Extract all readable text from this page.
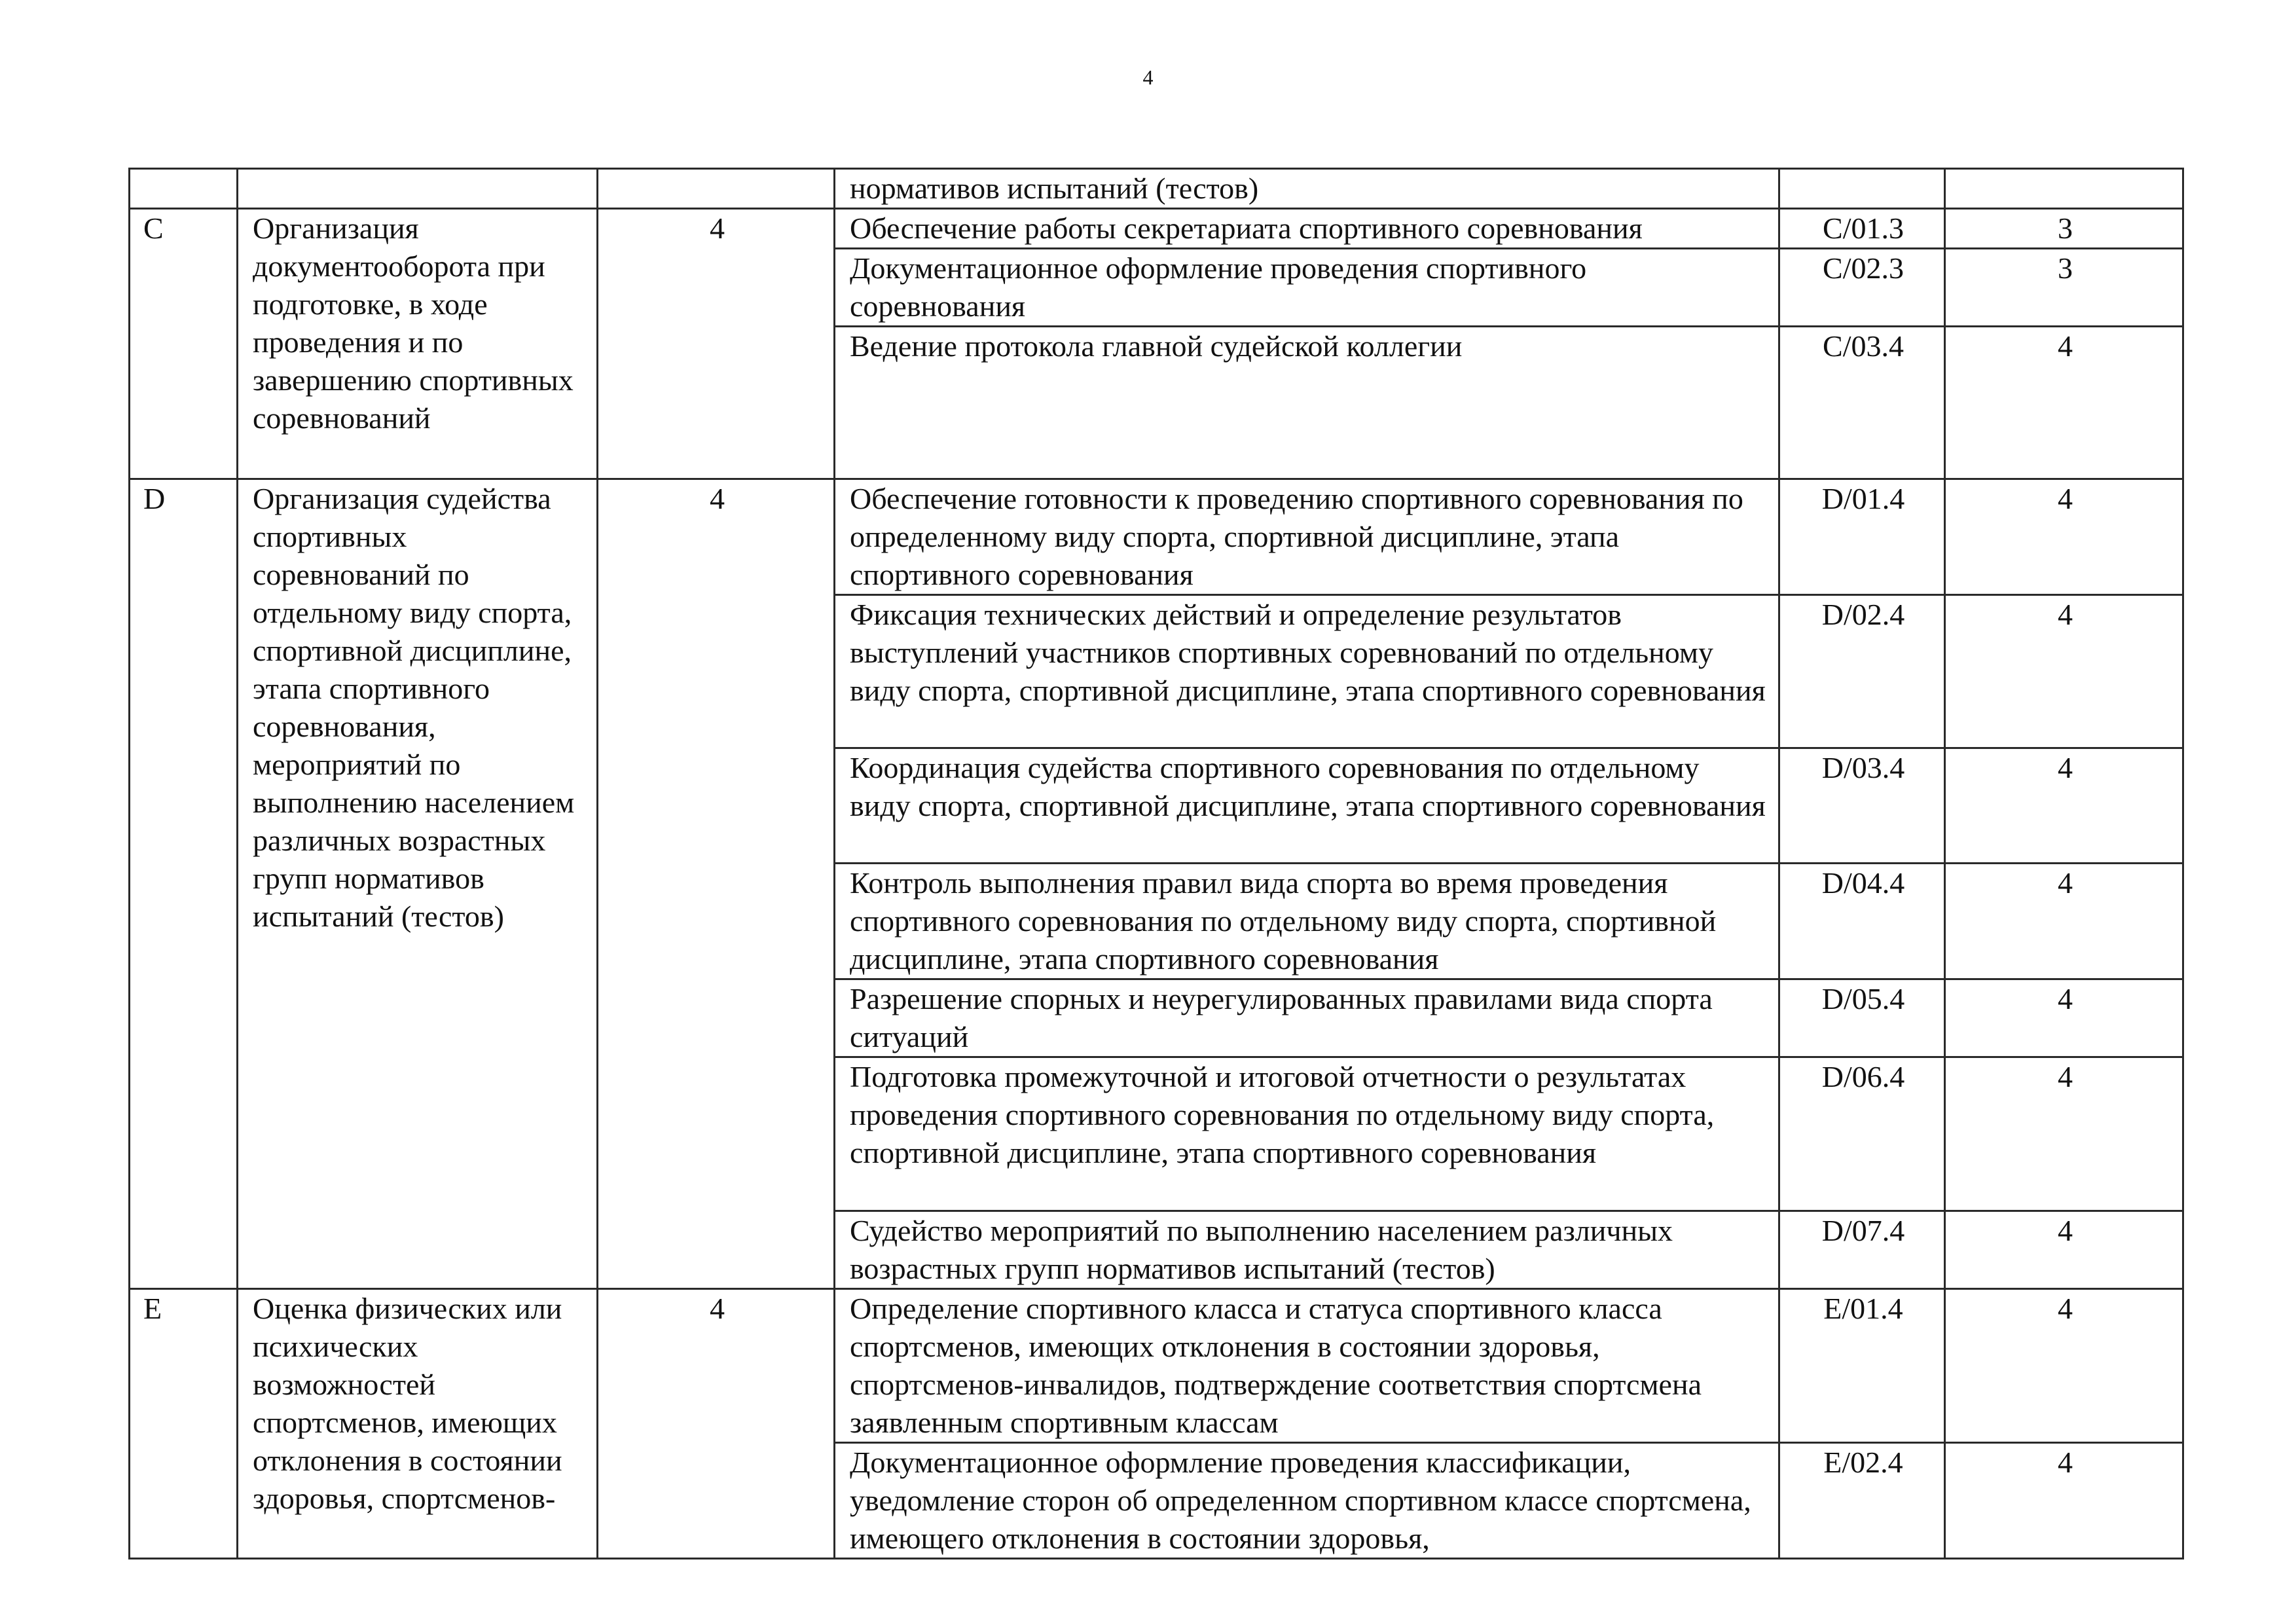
4
			нормативов испытаний (тестов)		
C	Организация документооборота при подготовке, в ходе проведения и по завершению спортивных соревнований	4	Обеспечение работы секретариата спортивного соревнования	C/01.3	3
			Документационное оформление проведения спортивного соревнования	C/02.3	3
			Ведение протокола главной судейской коллегии	C/03.4	4
D	Организация судейства спортивных соревнований по отдельному виду спорта, спортивной дисциплине, этапа спортивного соревнования, мероприятий по выполнению населением различных возрастных групп нормативов испытаний (тестов)	4	Обеспечение готовности к проведению спортивного соревнования по определенному виду спорта, спортивной дисциплине, этапа спортивного соревнования	D/01.4	4
			Фиксация технических действий и определение результатов выступлений участников спортивных соревнований по отдельному виду спорта, спортивной дисциплине, этапа спортивного соревнования	D/02.4	4
			Координация судейства спортивного соревнования по отдельному виду спорта, спортивной дисциплине, этапа спортивного соревнования	D/03.4	4
			Контроль выполнения правил вида спорта во время проведения спортивного соревнования по отдельному виду спорта, спортивной дисциплине, этапа спортивного соревнования	D/04.4	4
			Разрешение спорных и неурегулированных правилами вида спорта ситуаций	D/05.4	4
			Подготовка промежуточной и итоговой отчетности о результатах проведения спортивного соревнования по отдельному виду спорта, спортивной дисциплине, этапа спортивного соревнования	D/06.4	4
			Судейство мероприятий по выполнению населением различных возрастных групп нормативов испытаний (тестов)	D/07.4	4
E	Оценка физических или психических возможностей спортсменов, имеющих отклонения в состоянии здоровья, спортсменов-	4	Определение спортивного класса и статуса спортивного класса спортсменов, имеющих отклонения в состоянии здоровья, спортсменов-инвалидов, подтверждение соответствия спортсмена заявленным спортивным классам	E/01.4	4
			Документационное оформление проведения классификации, уведомление сторон об определенном спортивном классе спортсмена, имеющего отклонения в состоянии здоровья,	E/02.4	4
